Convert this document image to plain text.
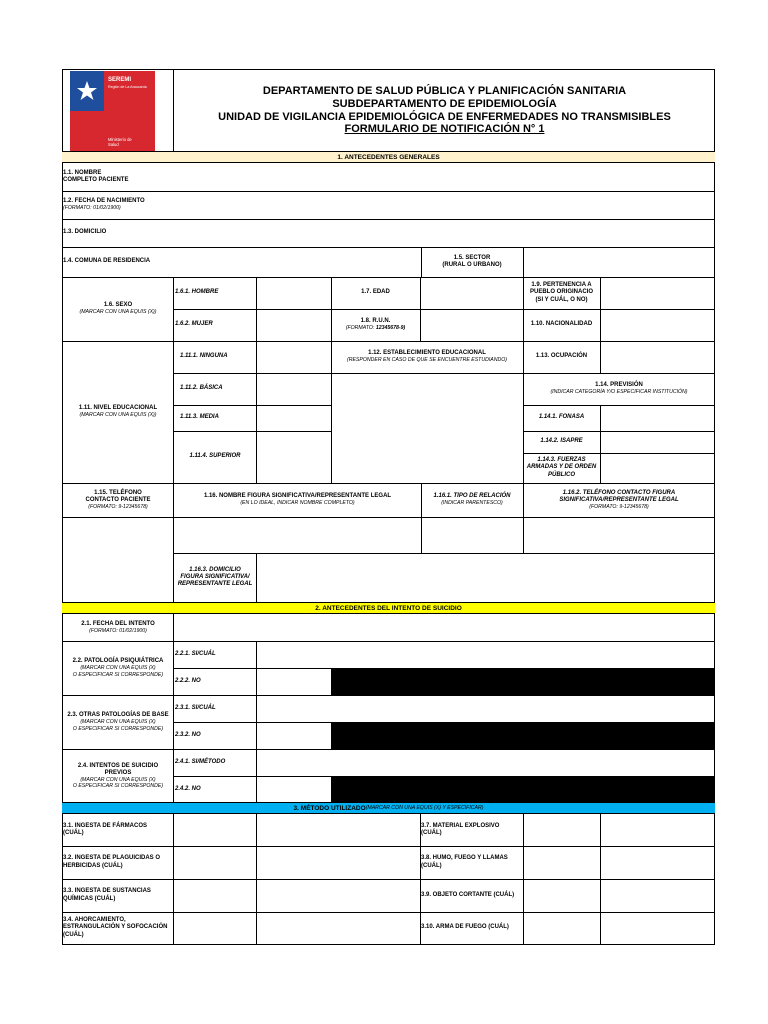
SEREMI
Región de La Araucanía
Ministerio de
Salud
DEPARTAMENTO DE SALUD PÚBLICA Y PLANIFICACIÓN SANITARIA
SUBDEPARTAMENTO DE EPIDEMIOLOGÍA
UNIDAD DE VIGILANCIA EPIDEMIOLÓGICA DE ENFERMEDADES NO TRANSMISIBLES
FORMULARIO DE NOTIFICACIÓN N° 1
1. ANTECEDENTES GENERALES
1.1. NOMBRE
COMPLETO PACIENTE
1.2. FECHA DE NACIMIENTO
(FORMATO: 01/02/1900)
1.3. DOMICILIO
1.4. COMUNA DE RESIDENCIA
1.5. SECTOR
(RURAL O URBANO)
1.6. SEXO
(MARCAR CON UNA EQUIS (X))
1.6.1. HOMBRE	1.7. EDAD
1.9. PERTENENCIA A
PUEBLO ORIGINACIO
(SI Y CUÁL, O NO)
1.6.2. MUJER
1.8. R.U.N.
(FORMATO: 12345678-9)
1.10. NACIONALIDAD
1.11. NIVEL EDUCACIONAL
(MARCAR CON UNA EQUIS (X))
1.11.1. NINGUNA
1.11.2. BÁSICA
1.11.3. MEDIA
1.11.4. SUPERIOR
1.12. ESTABLECIMIENTO EDUCACIONAL
(RESPONDER EN CASO DE QUE SE ENCUENTRE ESTUDIANDO)
1.13. OCUPACIÓN
1.14. PREVISIÓN
(INDICAR CATEGORÍA Y/O ESPECIFICAR INSTITUCIÓN)
1.14.1. FONASA
1.14.2. ISAPRE
1.14.3. FUERZAS
ARMADAS Y DE ORDEN
PÚBLICO
1.15. TELÉFONO
CONTACTO PACIENTE
(FORMATO: 9-12345678)
1.16. NOMBRE FIGURA SIGNIFICATIVA/REPRESENTANTE LEGAL
(EN LO IDEAL, INDICAR NOMBRE COMPLETO)
1.16.1. TIPO DE RELACIÓN
(INDICAR PARENTESCO)
1.16.2. TELÉFONO CONTACTO FIGURA
SIGNIFICATIVA/REPRESENTANTE LEGAL
(FORMATO: 9-12345678)
1.16.3. DOMICILIO
FIGURA SIGNIFICATIVA/
REPRESENTANTE LEGAL
2. ANTECEDENTES DEL INTENTO DE SUICIDIO
2.1. FECHA DEL INTENTO
(FORMATO: 01/02/1900)
2.2. PATOLOGÍA PSIQUIÁTRICA
(MARCAR CON UNA EQUIS (X)
O ESPECIFICAR SI CORRESPONDE)
2.2.1. SI/CUÁL
2.2.2. NO
2.3. OTRAS PATOLOGÍAS DE BASE
(MARCAR CON UNA EQUIS (X)
O ESPECIFICAR SI CORRESPONDE)
2.3.1. SI/CUÁL
2.3.2. NO
2.4. INTENTOS DE SUICIDIO
PREVIOS
(MARCAR CON UNA EQUIS (X)
O ESPECIFICAR SI CORRESPONDE)
2.4.1. SI/MÉTODO
2.4.2. NO
3. MÉTODO UTILIZADO (MARCAR CON UNA EQUIS (X) Y ESPECIFICAR)
3.1. INGESTA DE FÁRMACOS
(CUÁL)
3.7. MATERIAL EXPLOSIVO
(CUÁL)
3.2. INGESTA DE PLAGUICIDAS O
HERBICIDAS (CUÁL)
3.8. HUMO, FUEGO Y LLAMAS
(CUÁL)
3.3. INGESTA DE SUSTANCIAS
QUÍMICAS (CUÁL)
3.9. OBJETO CORTANTE (CUÁL)
3.4. AHORCAMIENTO,
ESTRANGULACIÓN Y SOFOCACIÓN
(CUÁL)
3.10. ARMA DE FUEGO (CUÁL)
